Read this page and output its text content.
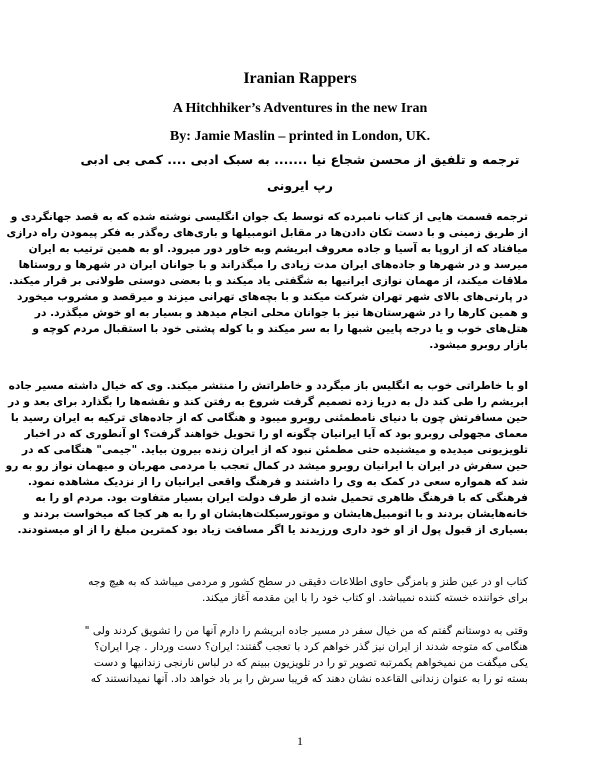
Iranian Rappers
A Hitchhiker’s Adventures in the new Iran
By: Jamie Maslin – printed in London, UK.
ترجمه و تلفیق از محسن شجاع نیا ....... به سبک ادبی .... کمی بی ادبی
رپ ایرونی
ترجمه قسمت هایی از کتاب نامبرده که توسط یک جوان انگلیسی نوشته شده که به قصد جهانگردی و
از طریق زمینی و با دست تکان دادن‌ها در مقابل اتومبیلها و باری‌های ره‌گذر به فکر پیمودن راه درازی
میافتاد که از اروپا به آسیا و جاده معروف ابریشم وبه خاور دور میرود. او به همین ترتیب به ایران
میرسد و در شهرها و جاده‌های ایران مدت زیادی را میگذراند و با جوانان ایران در شهرها و روستاها
ملاقات میکند، از مهمان نوازی ایرانیها به شگفتی یاد میکند و با بعضی دوستی طولانی بر قرار میکند.
در پارتی‌های بالای شهر تهران شرکت میکند و با بچه‌های تهرانی میزند و میرقصد و مشروب میخورد
و همین کارها را در شهرستان‌ها نیز با جوانان محلی انجام میدهد و بسیار به او خوش میگذرد. در
هتل‌های خوب و یا درجه پایین شبها را به سر میکند و با کوله پشتی خود با استقبال مردم کوچه و
بازار روبرو میشود.
او با خاطراتی خوب به انگلیس باز میگردد و خاطراتش را منتشر میکند. وی که خیال داشته مسیر جاده
ابریشم را طی کند دل به دریا زده تصمیم گرفت شروع به رفتن کند و نقشه‌ها را بگذارد برای بعد و در
حین مسافرتش چون با دنیای نامطمئنی روبرو میبود و هنگامی که از جاده‌های ترکیه به ایران رسید با
معمای مجهولی روبرو بود که آیا ایرانیان چگونه او را تحویل خواهند گرفت؟ او آنطوری که در اخبار
تلویزیونی میدیده و میشنیده حتی مطمئن نبود که از ایران زنده بیرون بیاید. "جیمی" هنگامی که در
حین سفرش در ایران با ایرانیان روبرو میشد در کمال تعجب با مردمی مهربان و میهمان نواز رو به رو
شد که همواره سعی در کمک به وی را داشتند و فرهنگ واقعی ایرانیان را از نزدیک مشاهده نمود.
فرهنگی که با فرهنگ ظاهری تحمیل شده از طرف دولت ایران بسیار متفاوت بود. مردم او را به
خانه‌هایشان بردند و با اتومبیل‌هایشان و موتورسیکلت‌هایشان او را به هر کجا که میخواست بردند و
بسیاری از قبول پول از او خود داری ورزیدند یا اگر مسافت زیاد بود کمترین مبلغ را از او میستودند.
کتاب او در عین طنز و بامزگی حاوی اطلاعات دقیقی در سطح کشور و مردمی میباشد که به هیچ وجه
برای خواننده خسته کننده نمیباشد. او کتاب خود را با این مقدمه آغاز میکند.
وقتی به دوستانم گفتم که من خیال سفر در مسیر جاده ابریشم را دارم آنها من را تشویق کردند ولی "
هنگامی که متوجه شدند از ایران نیز گذر خواهم کرد با تعجب گفتند: ایران؟ دست وردار . چرا ایران؟
یکی میگفت من نمیخواهم یکمرتبه تصویر تو را در تلویزیون ببینم که در لباس نارنجی زندانیها و دست
بسته تو را به عنوان زندانی القاعده نشان دهند که قریبا سرش را بر باد خواهد داد. آنها نمیدانستند که
1
